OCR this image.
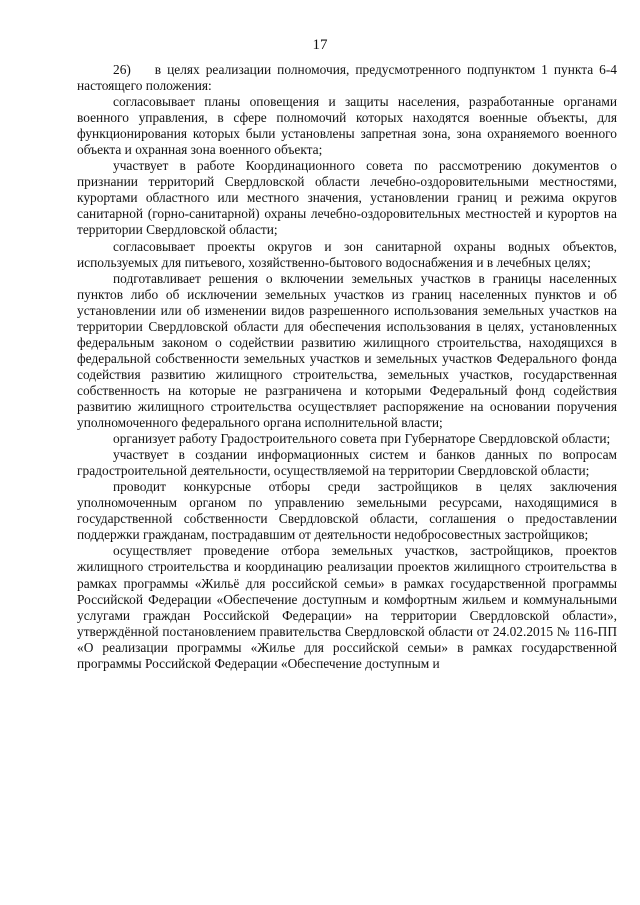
17

26)    в целях реализации полномочия, предусмотренного подпунктом 1 пункта 6-4 настоящего положения:

согласовывает планы оповещения и защиты населения, разработанные органами военного управления, в сфере полномочий которых находятся военные объекты, для функционирования которых были установлены запретная зона, зона охраняемого военного объекта и охранная зона военного объекта;

участвует в работе Координационного совета по рассмотрению документов о признании территорий Свердловской области лечебно-оздоровительными местностями, курортами областного или местного значения, установлении границ и режима округов санитарной (горно-санитарной) охраны лечебно-оздоровительных местностей и курортов на территории Свердловской области;

согласовывает проекты округов и зон санитарной охраны водных объектов, используемых для питьевого, хозяйственно-бытового водоснабжения и в лечебных целях;

подготавливает решения о включении земельных участков в границы населенных пунктов либо об исключении земельных участков из границ населенных пунктов и об установлении или об изменении видов разрешенного использования земельных участков на территории Свердловской области для обеспечения использования в целях, установленных федеральным законом о содействии развитию жилищного строительства, находящихся в федеральной собственности земельных участков и земельных участков Федерального фонда содействия развитию жилищного строительства, земельных участков, государственная собственность на которые не разграничена и которыми Федеральный фонд содействия развитию жилищного строительства осуществляет распоряжение на основании поручения уполномоченного федерального органа исполнительной власти;

организует работу Градостроительного совета при Губернаторе Свердловской области;

участвует в создании информационных систем и банков данных по вопросам градостроительной деятельности, осуществляемой на территории Свердловской области;

проводит конкурсные отборы среди застройщиков в целях заключения уполномоченным органом по управлению земельными ресурсами, находящимися в государственной собственности Свердловской области, соглашения о предоставлении поддержки гражданам, пострадавшим от деятельности недобросовестных застройщиков;

осуществляет проведение отбора земельных участков, застройщиков, проектов жилищного строительства и координацию реализации проектов жилищного строительства в рамках программы «Жильё для российской семьи» в рамках государственной программы Российской Федерации «Обеспечение доступным и комфортным жильем и коммунальными услугами граждан Российской Федерации» на территории Свердловской области», утверждённой постановлением правительства Свердловской области от 24.02.2015 № 116-ПП «О реализации программы «Жилье для российской семьи» в рамках государственной программы Российской Федерации «Обеспечение доступным и
